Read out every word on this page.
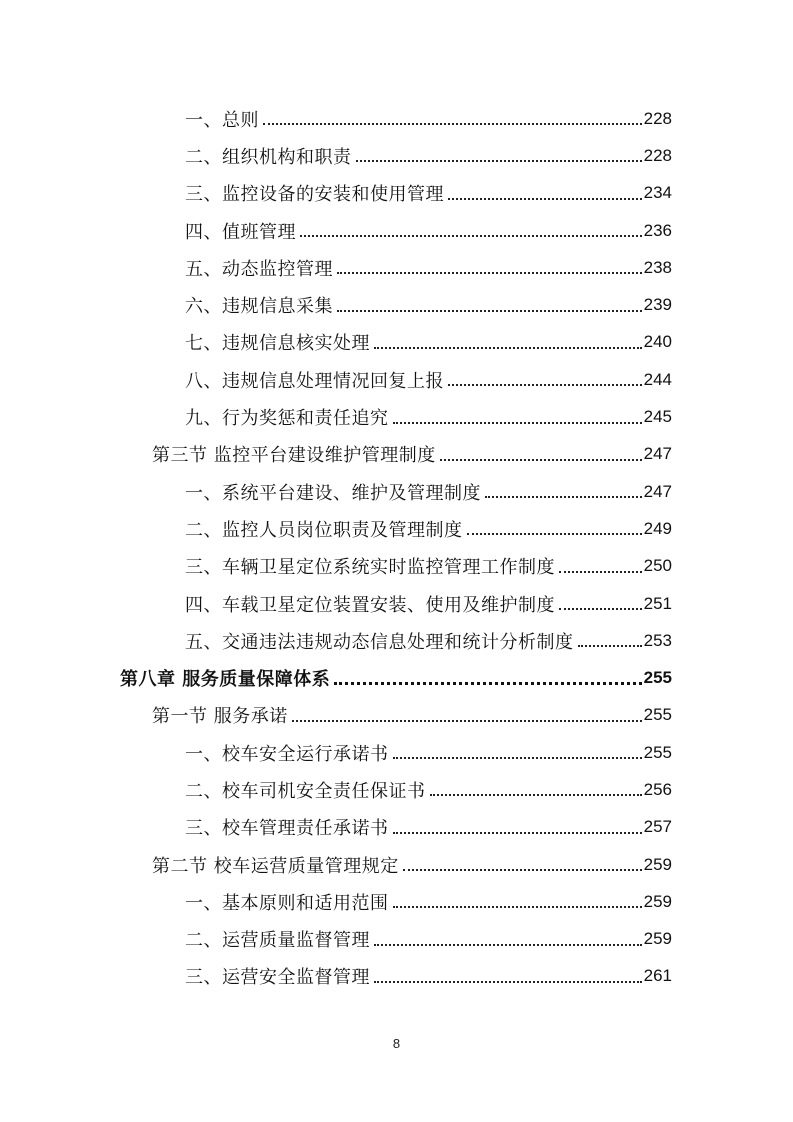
一、总则	228
二、组织机构和职责	228
三、监控设备的安装和使用管理	234
四、值班管理	236
五、动态监控管理	238
六、违规信息采集	239
七、违规信息核实处理	240
八、违规信息处理情况回复上报	244
九、行为奖惩和责任追究	245
第三节 监控平台建设维护管理制度	247
一、系统平台建设、维护及管理制度	247
二、监控人员岗位职责及管理制度	249
三、车辆卫星定位系统实时监控管理工作制度	250
四、车载卫星定位装置安装、使用及维护制度	251
五、交通违法违规动态信息处理和统计分析制度	253
第八章 服务质量保障体系	255
第一节 服务承诺	255
一、校车安全运行承诺书	255
二、校车司机安全责任保证书	256
三、校车管理责任承诺书	257
第二节 校车运营质量管理规定	259
一、基本原则和适用范围	259
二、运营质量监督管理	259
三、运营安全监督管理	261
8
